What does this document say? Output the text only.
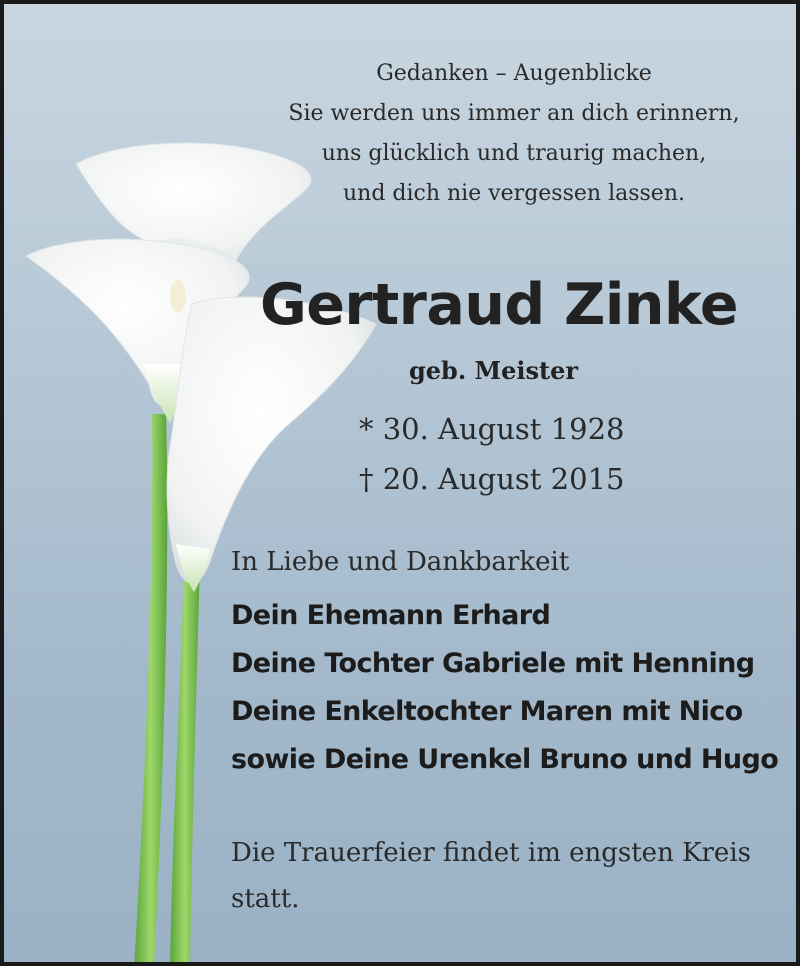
Gedanken – Augenblicke
Sie werden uns immer an dich erinnern,
uns glücklich und traurig machen,
und dich nie vergessen lassen.
Gertraud Zinke
geb. Meister
* 30. August 1928
† 20. August 2015
In Liebe und Dankbarkeit
Dein Ehemann Erhard
Deine Tochter Gabriele mit Henning
Deine Enkeltochter Maren mit Nico
sowie Deine Urenkel Bruno und Hugo
Die Trauerfeier findet im engsten Kreis statt.
